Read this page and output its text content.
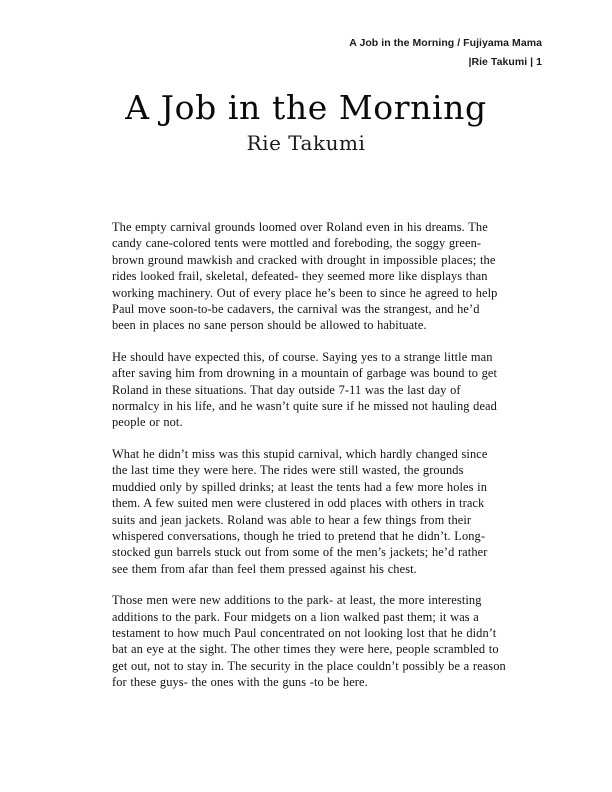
A Job in the Morning / Fujiyama Mama
|Rie Takumi | 1
A Job in the Morning

Rie Takumi

The empty carnival grounds loomed over Roland even in his dreams. The candy cane-colored tents were mottled and foreboding, the soggy green-brown ground mawkish and cracked with drought in impossible places; the rides looked frail, skeletal, defeated- they seemed more like displays than working machinery. Out of every place he’s been to since he agreed to help Paul move soon-to-be cadavers, the carnival was the strangest, and he’d been in places no sane person should be allowed to habituate.

He should have expected this, of course. Saying yes to a strange little man after saving him from drowning in a mountain of garbage was bound to get Roland in these situations. That day outside 7-11 was the last day of normalcy in his life, and he wasn’t quite sure if he missed not hauling dead people or not.

What he didn’t miss was this stupid carnival, which hardly changed since the last time they were here. The rides were still wasted, the grounds muddied only by spilled drinks; at least the tents had a few more holes in them. A few suited men were clustered in odd places with others in track suits and jean jackets. Roland was able to hear a few things from their whispered conversations, though he tried to pretend that he didn’t. Long-stocked gun barrels stuck out from some of the men’s jackets; he’d rather see them from afar than feel them pressed against his chest.

Those men were new additions to the park- at least, the more interesting additions to the park. Four midgets on a lion walked past them; it was a testament to how much Paul concentrated on not looking lost that he didn’t bat an eye at the sight. The other times they were here, people scrambled to get out, not to stay in. The security in the place couldn’t possibly be a reason for these guys- the ones with the guns -to be here.
